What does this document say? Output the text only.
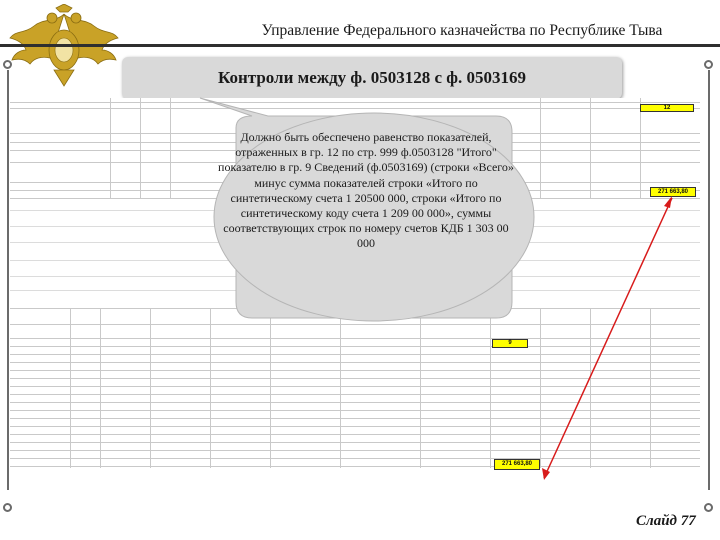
Управление Федерального казначейства по Республике Тыва
Контроли между ф. 0503128 с ф. 0503169
12
271 663,80
9
271 663,80
Должно быть обеспечено равенство показателей, отраженных в гр. 12 по стр. 999 ф.0503128 "Итого" показателю в гр. 9 Сведений (ф.0503169) (строки «Всего» минус сумма показателей строки «Итого по синтетическому счета 1 20500 000, строки «Итого по синтетическому коду счета 1 209 00 000», суммы соответствующих строк по номеру счетов КДБ 1 303 00 000
Слайд 77
